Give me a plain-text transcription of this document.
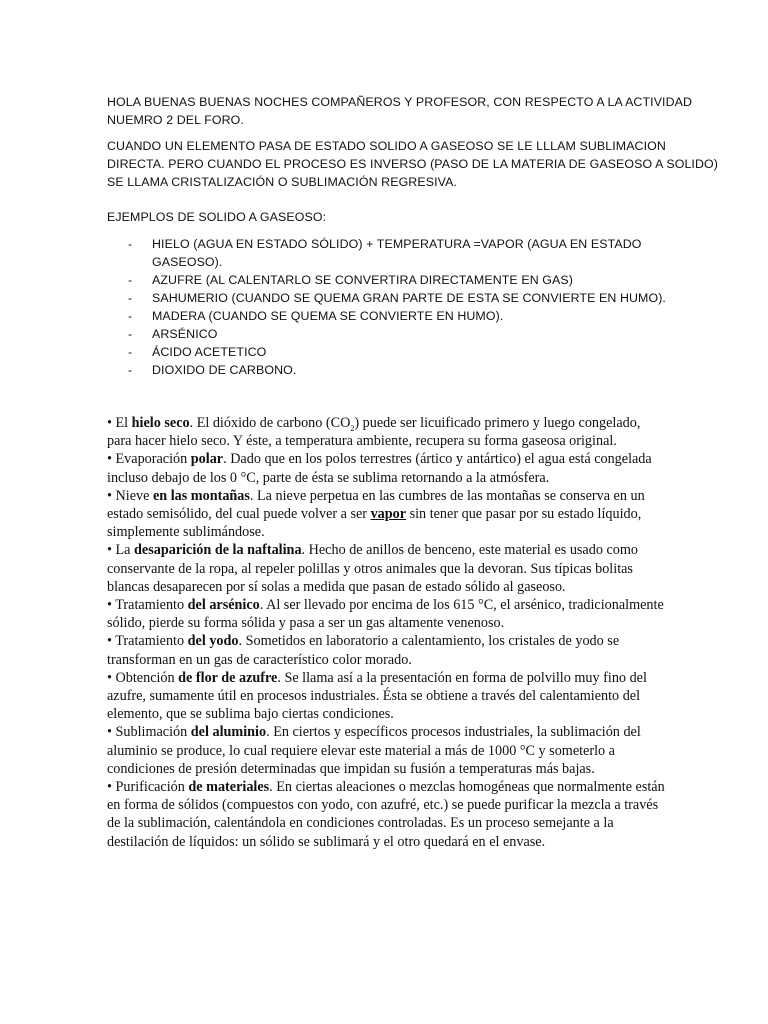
HOLA BUENAS BUENAS NOCHES COMPAÑEROS Y PROFESOR, CON RESPECTO A LA ACTIVIDAD
NUEMRO 2 DEL FORO.
CUANDO UN ELEMENTO PASA DE ESTADO SOLIDO A GASEOSO SE LE LLLAM SUBLIMACION
DIRECTA. PERO CUANDO EL PROCESO ES INVERSO (PASO DE LA MATERIA DE GASEOSO A SOLIDO)
SE LLAMA CRISTALIZACIÓN O SUBLIMACIÓN REGRESIVA.
EJEMPLOS DE SOLIDO A GASEOSO:
- HIELO (AGUA EN ESTADO SÓLIDO) + TEMPERATURA =VAPOR (AGUA EN ESTADO
GASEOSO).
- AZUFRE (AL CALENTARLO SE CONVERTIRA DIRECTAMENTE EN GAS)
- SAHUMERIO (CUANDO SE QUEMA GRAN PARTE DE ESTA SE CONVIERTE EN HUMO).
- MADERA (CUANDO SE QUEMA SE CONVIERTE EN HUMO).
- ARSÉNICO
- ÁCIDO ACETETICO
- DIOXIDO DE CARBONO.

• El hielo seco. El dióxido de carbono $(CO_2)$ puede ser licuificado primero y luego congelado, para hacer hielo seco. Y éste, a temperatura ambiente, recupera su forma gaseosa original.

• Evaporación polar. Dado que en los polos terrestres (ártico y antártico) el agua está congelada incluso debajo de los 0 °C, parte de ésta se sublima retornando a la atmósfera.

• Nieve en las montañas. La nieve perpetua en las cumbres de las montañas se conserva en un estado semisólido, del cual puede volver a ser vapor sin tener que pasar por su estado líquido, simplemente sublimándose.

• La desaparición de la naftalina. Hecho de anillos de benceno, este material es usado como conservante de la ropa, al repeler polillas y otros animales que la devoran. Sus típicas bolitas blancas desaparecen por sí solas a medida que pasan de estado sólido al gaseoso.

• Tratamiento del arsénico. Al ser llevado por encima de los 615 °C, el arsénico, tradicionalmente sólido, pierde su forma sólida y pasa a ser un gas altamente venenoso.

• Tratamiento del yodo. Sometidos en laboratorio a calentamiento, los cristales de yodo se transforman en un gas de característico color morado.

• Obtención de flor de azufre. Se llama así a la presentación en forma de polvillo muy fino del azufre, sumamente útil en procesos industriales. Ésta se obtiene a través del calentamiento del elemento, que se sublima bajo ciertas condiciones.

• Sublimación del aluminio. En ciertos y específicos procesos industriales, la sublimación del aluminio se produce, lo cual requiere elevar este material a más de 1000 °C y someterlo a condiciones de presión determinadas que impidan su fusión a temperaturas más bajas.

• Purificación de materiales. En ciertas aleaciones o mezclas homogéneas que normalmente están en forma de sólidos (compuestos con yodo, con azufré, etc.) se puede purificar la mezcla a través de la sublimación, calentándola en condiciones controladas. Es un proceso semejante a la destilación de líquidos: un sólido se sublimará y el otro quedará en el envase.
